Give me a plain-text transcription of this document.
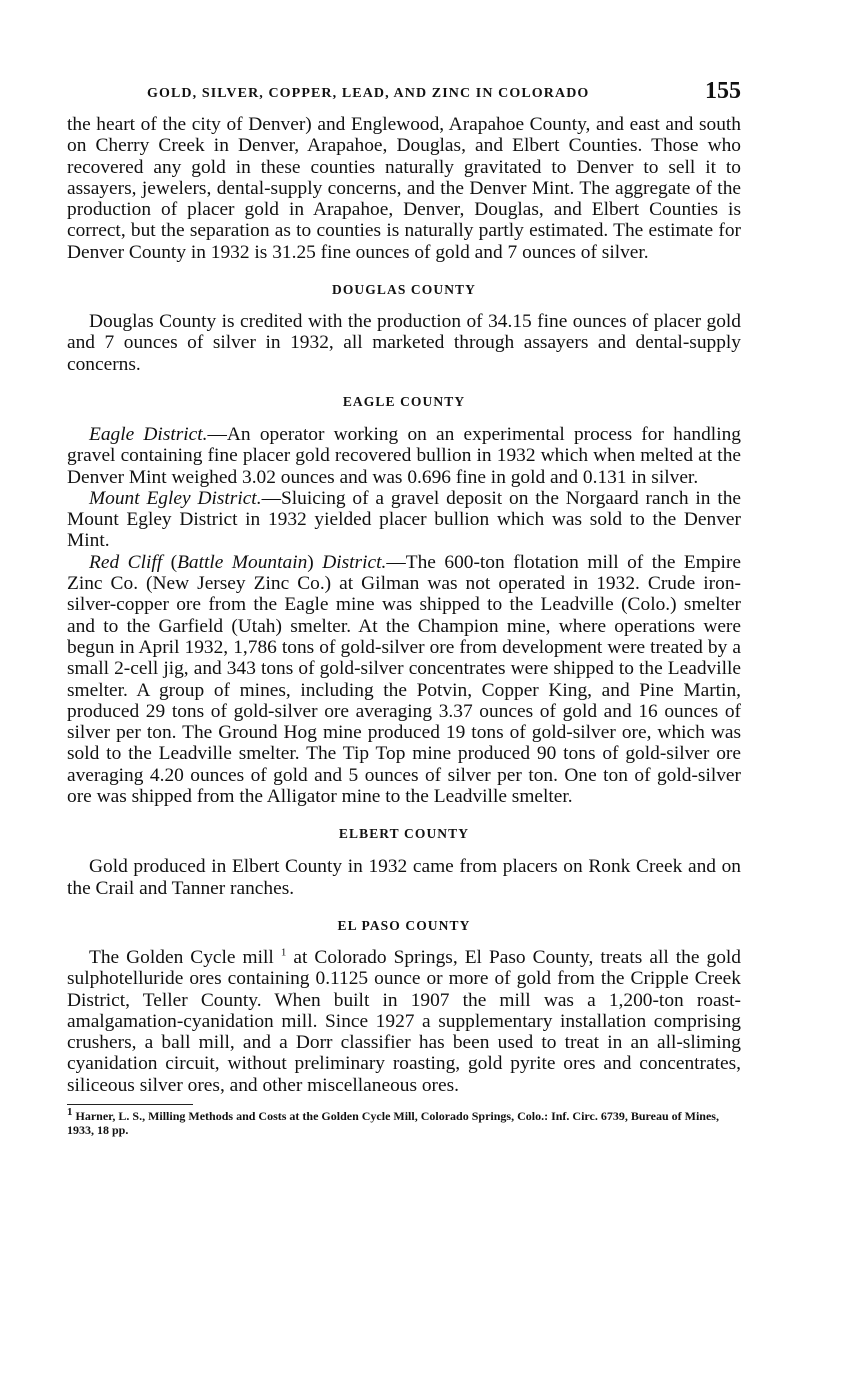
GOLD, SILVER, COPPER, LEAD, AND ZINC IN COLORADO	155

the heart of the city of Denver) and Englewood, Arapahoe County, and east and south on Cherry Creek in Denver, Arapahoe, Douglas, and Elbert Counties. Those who recovered any gold in these counties naturally gravitated to Denver to sell it to assayers, jewelers, dental-supply concerns, and the Denver Mint. The aggregate of the production of placer gold in Arapahoe, Denver, Douglas, and Elbert Counties is correct, but the separation as to counties is naturally partly estimated. The estimate for Denver County in 1932 is 31.25 fine ounces of gold and 7 ounces of silver.

DOUGLAS COUNTY

Douglas County is credited with the production of 34.15 fine ounces of placer gold and 7 ounces of silver in 1932, all marketed through assayers and dental-supply concerns.

EAGLE COUNTY

Eagle District.—An operator working on an experimental process for handling gravel containing fine placer gold recovered bullion in 1932 which when melted at the Denver Mint weighed 3.02 ounces and was 0.696 fine in gold and 0.131 in silver.

Mount Egley District.—Sluicing of a gravel deposit on the Norgaard ranch in the Mount Egley District in 1932 yielded placer bullion which was sold to the Denver Mint.

Red Cliff (Battle Mountain) District.—The 600-ton flotation mill of the Empire Zinc Co. (New Jersey Zinc Co.) at Gilman was not operated in 1932. Crude iron-silver-copper ore from the Eagle mine was shipped to the Leadville (Colo.) smelter and to the Garfield (Utah) smelter. At the Champion mine, where operations were begun in April 1932, 1,786 tons of gold-silver ore from development were treated by a small 2-cell jig, and 343 tons of gold-silver concentrates were shipped to the Leadville smelter. A group of mines, including the Potvin, Copper King, and Pine Martin, produced 29 tons of gold-silver ore averaging 3.37 ounces of gold and 16 ounces of silver per ton. The Ground Hog mine produced 19 tons of gold-silver ore, which was sold to the Leadville smelter. The Tip Top mine produced 90 tons of gold-silver ore averaging 4.20 ounces of gold and 5 ounces of silver per ton. One ton of gold-silver ore was shipped from the Alligator mine to the Leadville smelter.

ELBERT COUNTY

Gold produced in Elbert County in 1932 came from placers on Ronk Creek and on the Crail and Tanner ranches.

EL PASO COUNTY

The Golden Cycle mill $^1$ at Colorado Springs, El Paso County, treats all the gold sulphotelluride ores containing 0.1125 ounce or more of gold from the Cripple Creek District, Teller County. When built in 1907 the mill was a 1,200-ton roast-amalgamation-cyanidation mill. Since 1927 a supplementary installation comprising crushers, a ball mill, and a Dorr classifier has been used to treat in an all-sliming cyanidation circuit, without preliminary roasting, gold pyrite ores and concentrates, siliceous silver ores, and other miscellaneous ores.

$^1$ Harner, L. S., Milling Methods and Costs at the Golden Cycle Mill, Colorado Springs, Colo.: Inf. Circ. 6739, Bureau of Mines, 1933, 18 pp.
